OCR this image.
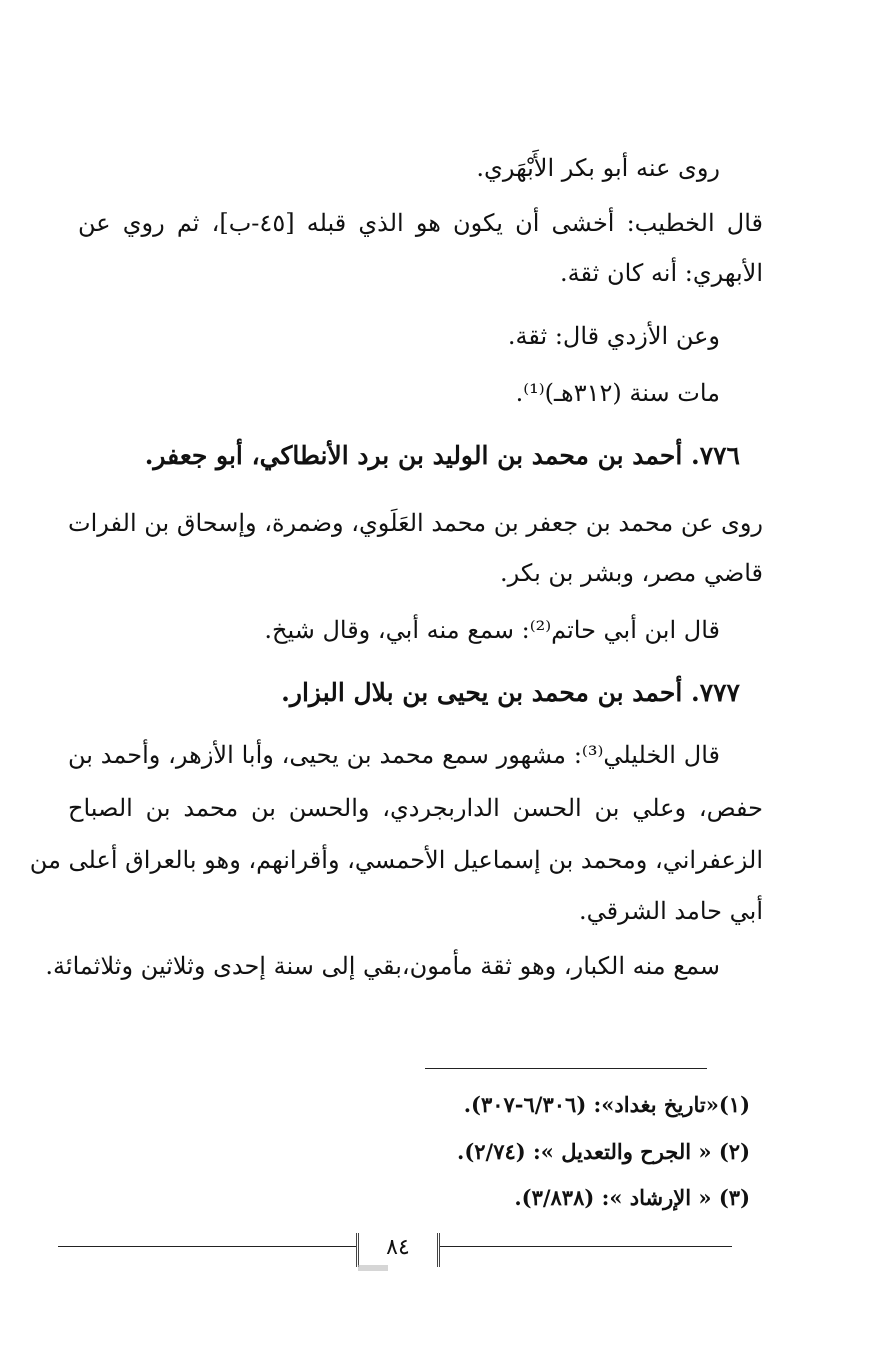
روى عنه أبو بكر الأَبْهَري.
قال الخطيب: أخشى أن يكون هو الذي قبله [٤٥-ب]، ثم روي عن
الأبهري: أنه كان ثقة.
وعن الأزدي قال: ثقة.
مات سنة (٣١٢هـ)⁽¹⁾.
٧٧٦. أحمد بن محمد بن الوليد بن برد الأنطاكي، أبو جعفر.
روى عن محمد بن جعفر بن محمد العَلَوي، وضمرة، وإسحاق بن الفرات
قاضي مصر، وبشر بن بكر.
قال ابن أبي حاتم⁽²⁾: سمع منه أبي، وقال شيخ.
٧٧٧. أحمد بن محمد بن يحيى بن بلال البزار.
قال الخليلي⁽³⁾: مشهور سمع محمد بن يحيى، وأبا الأزهر، وأحمد بن
حفص، وعلي بن الحسن الداربجردي، والحسن بن محمد بن الصباح
الزعفراني، ومحمد بن إسماعيل الأحمسي، وأقرانهم، وهو بالعراق أعلى من
أبي حامد الشرقي.
سمع منه الكبار، وهو ثقة مأمون،بقي إلى سنة إحدى وثلاثين وثلاثمائة.
(١)«تاريخ بغداد»: (٦/٣٠٦-٣٠٧).
(٢) « الجرح والتعديل »: (٢/٧٤).
(٣) « الإرشاد »: (٣/٨٣٨).
٨٤
